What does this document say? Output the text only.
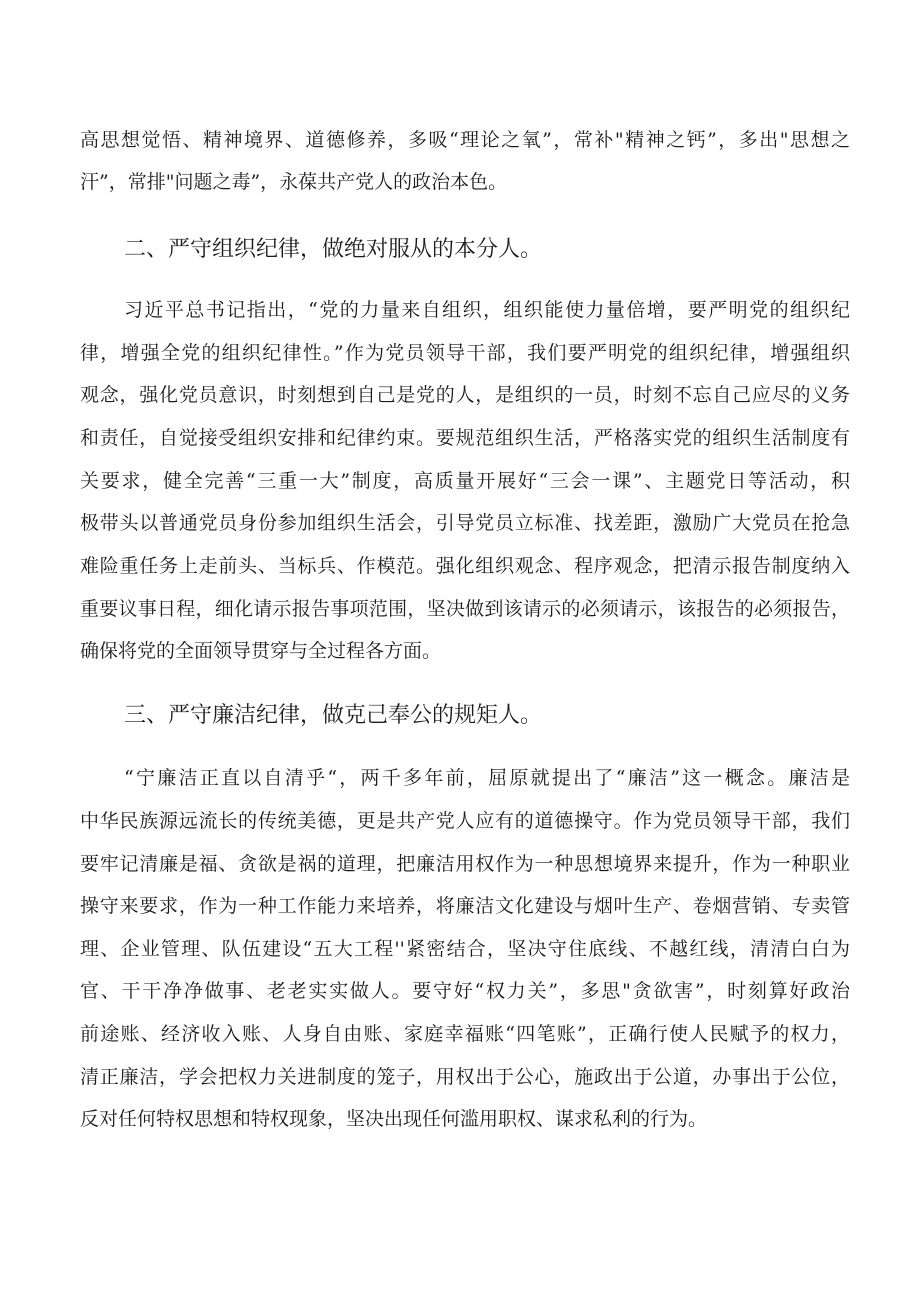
高思想觉悟、精神境界、道德修养，多吸“理论之氧”，常补"精神之钙”，多出"思想之
汗”，常排"问题之毒”，永葆共产党人的政治本色。
二、严守组织纪律，做绝对服从的本分人。
习近平总书记指出，“党的力量来自组织，组织能使力量倍增，要严明党的组织纪
律，增强全党的组织纪律性。”作为党员领导干部，我们要严明党的组织纪律，增强组织
观念，强化党员意识，时刻想到自己是党的人，是组织的一员，时刻不忘自己应尽的义务
和责任，自觉接受组织安排和纪律约束。要规范组织生活，严格落实党的组织生活制度有
关要求，健全完善“三重一大”制度，高质量开展好“三会一课”、主题党日等活动，积
极带头以普通党员身份参加组织生活会，引导党员立标准、找差距，激励广大党员在抢急
难险重任务上走前头、当标兵、作模范。强化组织观念、程序观念，把清示报告制度纳入
重要议事日程，细化请示报告事项范围，坚决做到该请示的必须请示，该报告的必须报告，
确保将党的全面领导贯穿与全过程各方面。
三、严守廉洁纪律，做克己奉公的规矩人。
“宁廉洁正直以自清乎“，两千多年前，屈原就提出了“廉洁”这一概念。廉洁是
中华民族源远流长的传统美德，更是共产党人应有的道德操守。作为党员领导干部，我们
要牢记清廉是福、贪欲是祸的道理，把廉洁用权作为一种思想境界来提升，作为一种职业
操守来要求，作为一种工作能力来培养，将廉洁文化建设与烟叶生产、卷烟营销、专卖管
理、企业管理、队伍建设“五大工程''紧密结合，坚决守住底线、不越红线，清清白白为
官、干干净净做事、老老实实做人。要守好“权力关”，多思"贪欲害”，时刻算好政治
前途账、经济收入账、人身自由账、家庭幸福账“四笔账”，正确行使人民赋予的权力，
清正廉洁，学会把权力关进制度的笼子，用权出于公心，施政出于公道，办事出于公位，
反对任何特权思想和特权现象，坚决出现任何滥用职权、谋求私利的行为。
